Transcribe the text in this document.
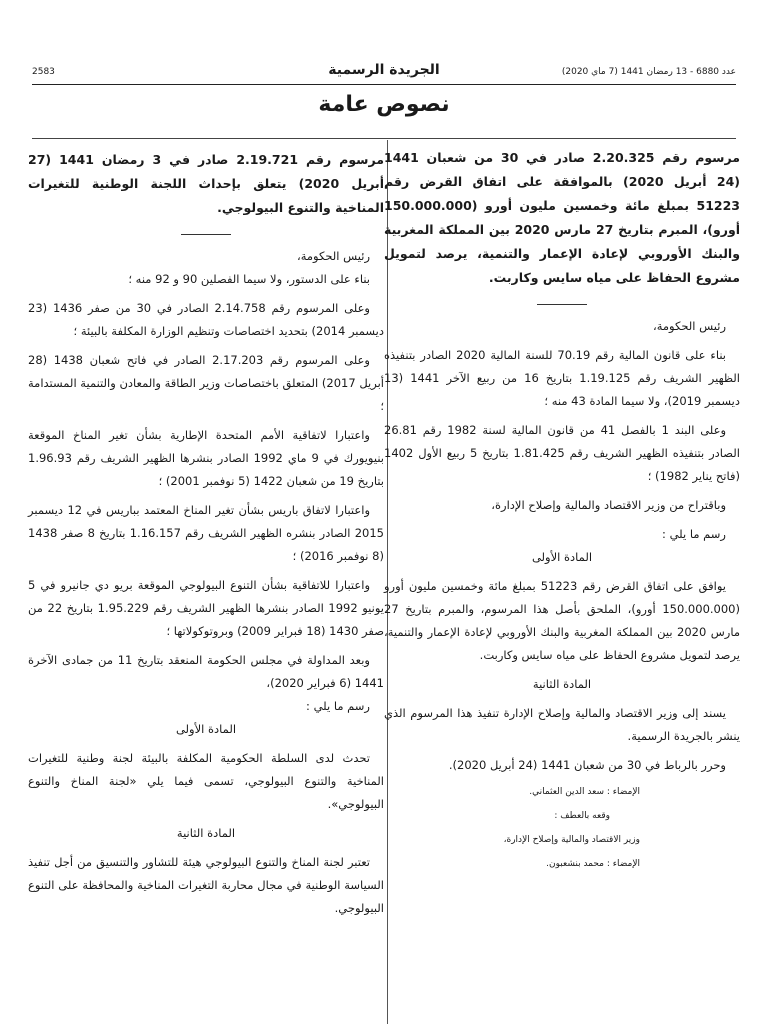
عدد 6880 - 13 رمضان 1441 (7 ماي 2020)
الجريدة الرسمية
2583
نصوص عامة
مرسوم رقم 2.20.325 صادر في 30 من شعبان 1441 (24 أبريل 2020) بالموافقة على اتفاق القرض رقم 51223 بمبلغ مائة وخمسين مليون أورو (150.000.000 أورو)، المبرم بتاريخ 27 مارس 2020 بين المملكة المغربية والبنك الأوروبي لإعادة الإعمار والتنمية، يرصد لتمويل مشروع الحفاظ على مياه سايس وكاربت.

رئيس الحكومة،

بناء على قانون المالية رقم 70.19 للسنة المالية 2020 الصادر بتنفيذه الظهير الشريف رقم 1.19.125 بتاريخ 16 من ربيع الآخر 1441 (13 ديسمبر 2019)، ولا سيما المادة 43 منه ؛

وعلى البند 1 بالفصل 41 من قانون المالية لسنة 1982 رقم 26.81 الصادر بتنفيذه الظهير الشريف رقم 1.81.425 بتاريخ 5 ربيع الأول 1402 (فاتح يناير 1982) ؛

وباقتراح من وزير الاقتصاد والمالية وإصلاح الإدارة،

رسم ما يلي :

المادة الأولى

يوافق على اتفاق القرض رقم 51223 بمبلغ مائة وخمسين مليون أورو (150.000.000 أورو)، الملحق بأصل هذا المرسوم، والمبرم بتاريخ 27 مارس 2020 بين المملكة المغربية والبنك الأوروبي لإعادة الإعمار والتنمية، يرصد لتمويل مشروع الحفاظ على مياه سايس وكاربت.

المادة الثانية

يسند إلى وزير الاقتصاد والمالية وإصلاح الإدارة تنفيذ هذا المرسوم الذي ينشر بالجريدة الرسمية.

وحرر بالرباط في 30 من شعبان 1441 (24 أبريل 2020).

الإمضاء : سعد الدين العثماني.

وقعه بالعطف :

وزير الاقتصاد والمالية وإصلاح الإدارة،

الإمضاء : محمد بنشعبون.

مرسوم رقم 2.19.721 صادر في 3 رمضان 1441 (27 أبريل 2020) يتعلق بإحداث اللجنة الوطنية للتغيرات المناخية والتنوع البيولوجي.

رئيس الحكومة،

بناء على الدستور، ولا سيما الفصلين 90 و 92 منه ؛

وعلى المرسوم رقم 2.14.758 الصادر في 30 من صفر 1436 (23 ديسمبر 2014) بتحديد اختصاصات وتنظيم الوزارة المكلفة بالبيئة ؛

وعلى المرسوم رقم 2.17.203 الصادر في فاتح شعبان 1438 (28 أبريل 2017) المتعلق باختصاصات وزير الطاقة والمعادن والتنمية المستدامة ؛

واعتبارا لاتفاقية الأمم المتحدة الإطارية بشأن تغير المناخ الموقعة بنيويورك في 9 ماي 1992 الصادر بنشرها الظهير الشريف رقم 1.96.93 بتاريخ 19 من شعبان 1422 (5 نوفمبر 2001) ؛

واعتبارا لاتفاق باريس بشأن تغير المناخ المعتمد بباريس في 12 ديسمبر 2015 الصادر بنشره الظهير الشريف رقم 1.16.157 بتاريخ 8 صفر 1438 (8 نوفمبر 2016) ؛

واعتبارا للاتفاقية بشأن التنوع البيولوجي الموقعة بريو دي جانيرو في 5 يونيو 1992 الصادر بنشرها الظهير الشريف رقم 1.95.229 بتاريخ 22 من صفر 1430 (18 فبراير 2009) وبروتوكولاتها ؛

وبعد المداولة في مجلس الحكومة المنعقد بتاريخ 11 من جمادى الآخرة 1441 (6 فبراير 2020)،

رسم ما يلي :

المادة الأولى

تحدث لدى السلطة الحكومية المكلفة بالبيئة لجنة وطنية للتغيرات المناخية والتنوع البيولوجي، تسمى فيما يلي «لجنة المناخ والتنوع البيولوجي».

المادة الثانية

تعتبر لجنة المناخ والتنوع البيولوجي هيئة للتشاور والتنسيق من أجل تنفيذ السياسة الوطنية في مجال محاربة التغيرات المناخية والمحافظة على التنوع البيولوجي.
